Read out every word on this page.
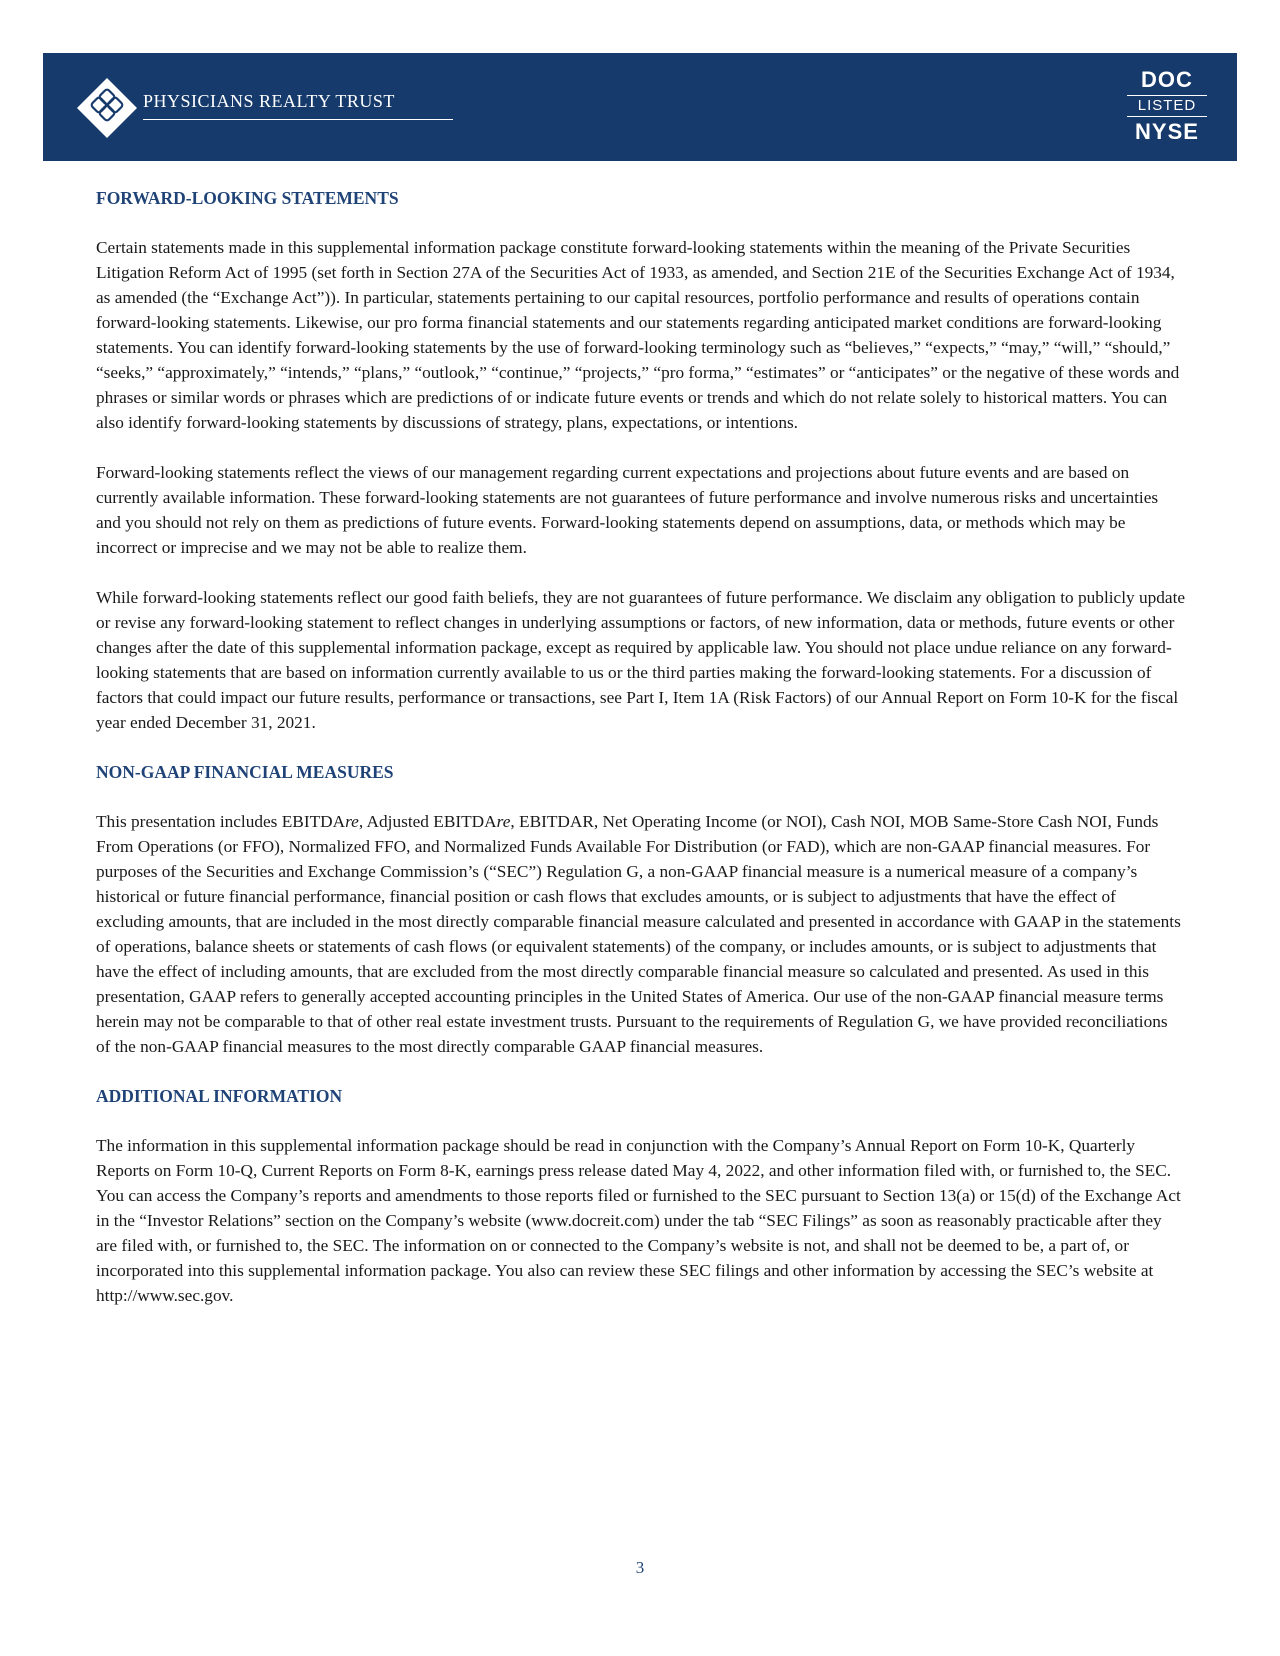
PHYSICIANS REALTY TRUST
DOC
LISTED
NYSE
FORWARD-LOOKING STATEMENTS

Certain statements made in this supplemental information package constitute forward-looking statements within the meaning of the Private Securities Litigation Reform Act of 1995 (set forth in Section 27A of the Securities Act of 1933, as amended, and Section 21E of the Securities Exchange Act of 1934, as amended (the “Exchange Act”)). In particular, statements pertaining to our capital resources, portfolio performance and results of operations contain forward-looking statements. Likewise, our pro forma financial statements and our statements regarding anticipated market conditions are forward-looking statements. You can identify forward-looking statements by the use of forward-looking terminology such as “believes,” “expects,” “may,” “will,” “should,” “seeks,” “approximately,” “intends,” “plans,” “outlook,” “continue,” “projects,” “pro forma,” “estimates” or “anticipates” or the negative of these words and phrases or similar words or phrases which are predictions of or indicate future events or trends and which do not relate solely to historical matters. You can also identify forward-looking statements by discussions of strategy, plans, expectations, or intentions.

Forward-looking statements reflect the views of our management regarding current expectations and projections about future events and are based on currently available information. These forward-looking statements are not guarantees of future performance and involve numerous risks and uncertainties and you should not rely on them as predictions of future events. Forward-looking statements depend on assumptions, data, or methods which may be incorrect or imprecise and we may not be able to realize them.

While forward-looking statements reflect our good faith beliefs, they are not guarantees of future performance. We disclaim any obligation to publicly update or revise any forward-looking statement to reflect changes in underlying assumptions or factors, of new information, data or methods, future events or other changes after the date of this supplemental information package, except as required by applicable law. You should not place undue reliance on any forward-looking statements that are based on information currently available to us or the third parties making the forward-looking statements. For a discussion of factors that could impact our future results, performance or transactions, see Part I, Item 1A (Risk Factors) of our Annual Report on Form 10-K for the fiscal year ended December 31, 2021.

NON-GAAP FINANCIAL MEASURES

This presentation includes EBITDAre, Adjusted EBITDAre, EBITDAR, Net Operating Income (or NOI), Cash NOI, MOB Same-Store Cash NOI, Funds From Operations (or FFO), Normalized FFO, and Normalized Funds Available For Distribution (or FAD), which are non-GAAP financial measures. For purposes of the Securities and Exchange Commission’s (“SEC”) Regulation G, a non-GAAP financial measure is a numerical measure of a company’s historical or future financial performance, financial position or cash flows that excludes amounts, or is subject to adjustments that have the effect of excluding amounts, that are included in the most directly comparable financial measure calculated and presented in accordance with GAAP in the statements of operations, balance sheets or statements of cash flows (or equivalent statements) of the company, or includes amounts, or is subject to adjustments that have the effect of including amounts, that are excluded from the most directly comparable financial measure so calculated and presented. As used in this presentation, GAAP refers to generally accepted accounting principles in the United States of America. Our use of the non-GAAP financial measure terms herein may not be comparable to that of other real estate investment trusts. Pursuant to the requirements of Regulation G, we have provided reconciliations of the non-GAAP financial measures to the most directly comparable GAAP financial measures.

ADDITIONAL INFORMATION

The information in this supplemental information package should be read in conjunction with the Company’s Annual Report on Form 10-K, Quarterly Reports on Form 10-Q, Current Reports on Form 8-K, earnings press release dated May 4, 2022, and other information filed with, or furnished to, the SEC. You can access the Company’s reports and amendments to those reports filed or furnished to the SEC pursuant to Section 13(a) or 15(d) of the Exchange Act in the “Investor Relations” section on the Company’s website (www.docreit.com) under the tab “SEC Filings” as soon as reasonably practicable after they are filed with, or furnished to, the SEC. The information on or connected to the Company’s website is not, and shall not be deemed to be, a part of, or incorporated into this supplemental information package. You also can review these SEC filings and other information by accessing the SEC’s website at http://www.sec.gov.

3
